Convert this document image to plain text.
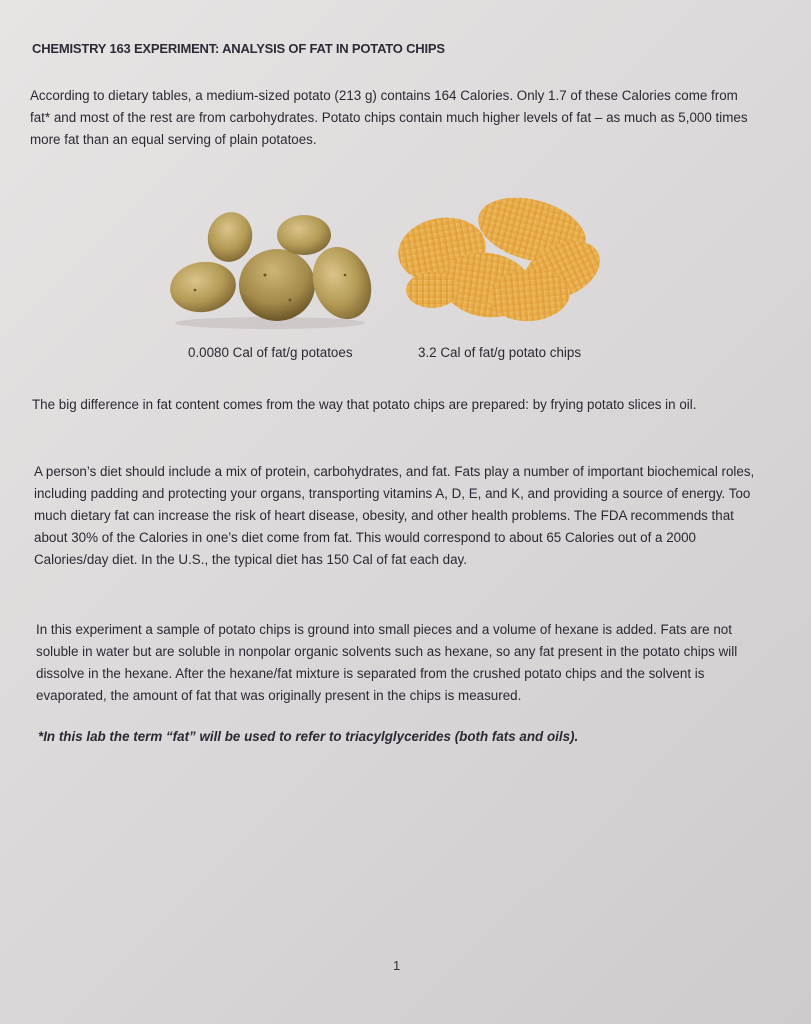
CHEMISTRY 163 EXPERIMENT: ANALYSIS OF FAT IN POTATO CHIPS
According to dietary tables, a medium-sized potato (213 g) contains 164 Calories. Only 1.7 of these Calories come from fat* and most of the rest are from carbohydrates. Potato chips contain much higher levels of fat – as much as 5,000 times more fat than an equal serving of plain potatoes.
0.0080 Cal of fat/g potatoes	3.2 Cal of fat/g potato chips
The big difference in fat content comes from the way that potato chips are prepared: by frying potato slices in oil.
A person’s diet should include a mix of protein, carbohydrates, and fat. Fats play a number of important biochemical roles, including padding and protecting your organs, transporting vitamins A, D, E, and K, and providing a source of energy. Too much dietary fat can increase the risk of heart disease, obesity, and other health problems. The FDA recommends that about 30% of the Calories in one’s diet come from fat. This would correspond to about 65 Calories out of a 2000 Calories/day diet. In the U.S., the typical diet has 150 Cal of fat each day.
In this experiment a sample of potato chips is ground into small pieces and a volume of hexane is added. Fats are not soluble in water but are soluble in nonpolar organic solvents such as hexane, so any fat present in the potato chips will dissolve in the hexane. After the hexane/fat mixture is separated from the crushed potato chips and the solvent is evaporated, the amount of fat that was originally present in the chips is measured.
*In this lab the term “fat” will be used to refer to triacylglycerides (both fats and oils).
1
